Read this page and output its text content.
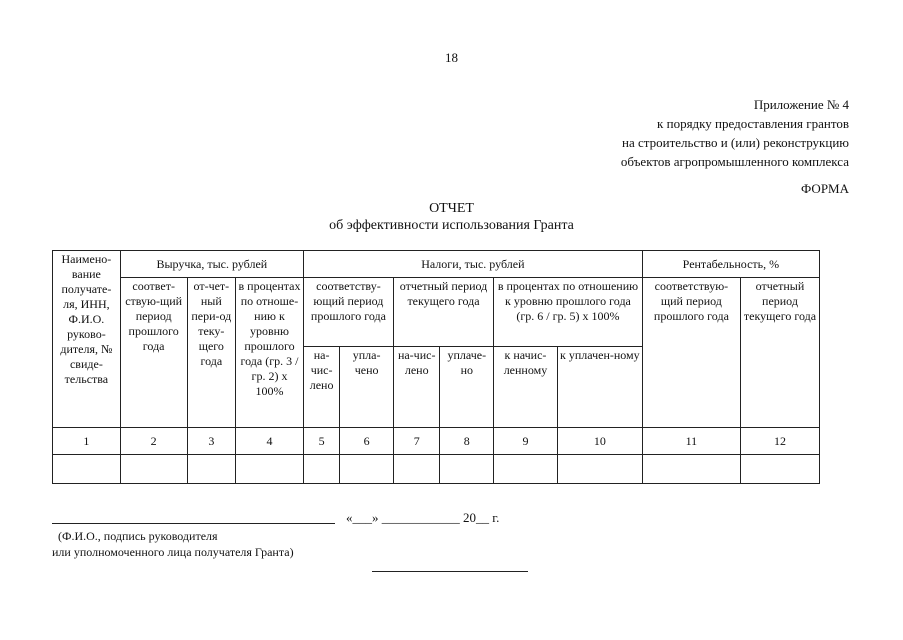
18
Приложение № 4
к порядку предоставления грантов
на строительство и (или) реконструкцию
объектов агропромышленного комплекса
ФОРМА
ОТЧЕТ
об эффективности использования Гранта
Наимено-вание получате-ля, ИНН, Ф.И.О. руково-дителя, № свиде-тельства	Выручка, тыс. рублей			Налоги, тыс. рублей						Рентабельность, %	
	соответ-ствую-щий период прошлого года	от-чет-ный пери-од теку-щего года	в процентах по отноше-нию к уровню прошлого года (гр. 3 / гр. 2) x 100%	соответству-ющий период прошлого года		отчетный период текущего года		в процентах по отношению к уровню прошлого года (гр. 6 / гр. 5) x 100%		соответствую-щий период прошлого года	отчетный период текущего года
				на-чис-лено	упла-чено	на-чис-лено	уплаче-но	к начис-ленному	к уплачен-ному		
1	2	3	4	5	6	7	8	9	10	11	12

«___» ____________ 20__ г.
(Ф.И.О., подпись руководителя
или уполномоченного лица получателя Гранта)
